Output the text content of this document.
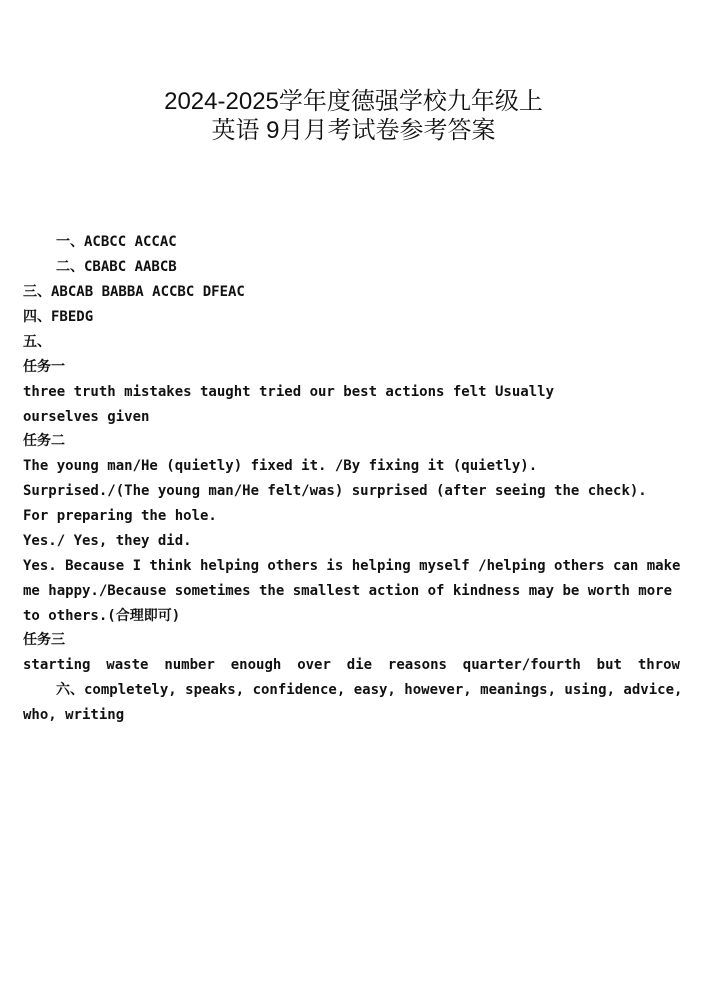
2024-2025学年度德强学校九年级上
英语 9月月考试卷参考答案
一、ACBCC ACCAC
二、CBABC AABCB
三、ABCAB BABBA ACCBC DFEAC
四、FBEDG
五、
任务一
three truth mistakes taught tried our best actions felt Usually
ourselves given
任务二
The young man/He (quietly) fixed it. /By fixing it (quietly).
Surprised./(The young man/He felt/was) surprised (after seeing the check).
For preparing the hole.
Yes./ Yes, they did.
Yes. Because I think helping others is helping myself /helping others can make
me happy./Because sometimes the smallest action of kindness may be worth more
to others.(合理即可)
任务三
starting waste number enough over die reasons quarter/fourth but throw
六、completely, speaks, confidence, easy, however, meanings, using, advice,
who, writing
